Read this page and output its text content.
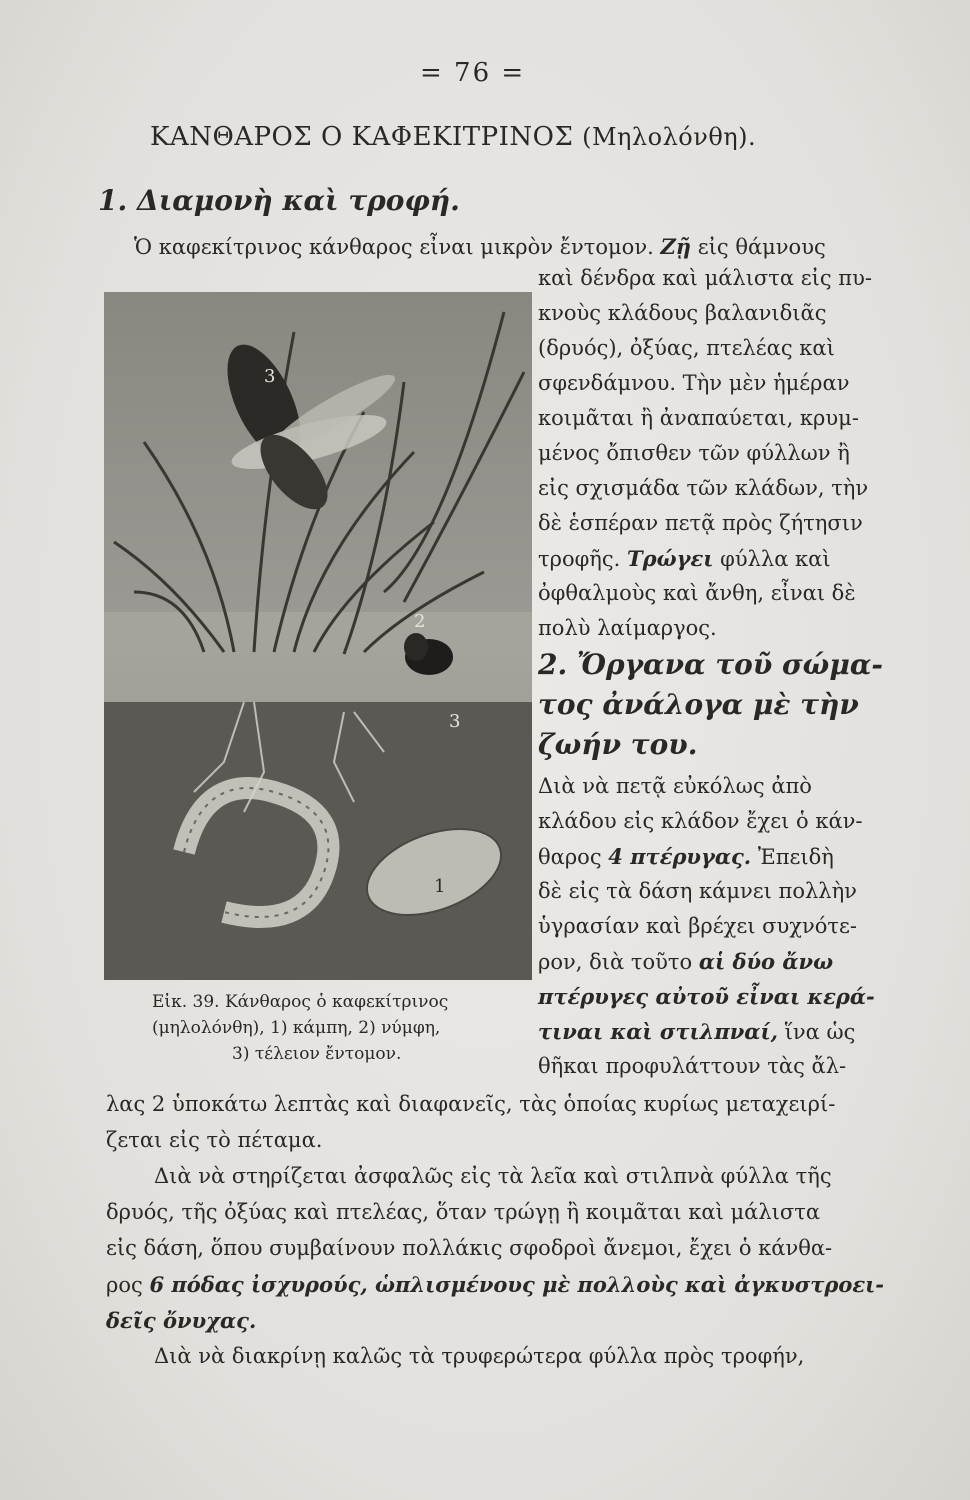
= 76 =
ΚΑΝΘΑΡΟΣ Ο ΚΑΦΕΚΙΤΡΙΝΟΣ (Μηλολόνθη).
1. Διαμονὴ καὶ τροφή.
Ὁ καφεκίτρινος κάνθαρος εἶναι μικρὸν ἔντομον. Ζῇ εἰς θάμνους
3
2
3
1
καὶ δένδρα καὶ μάλιστα εἰς πυ-
κνοὺς κλάδους βαλανιδιᾶς
(δρυός), ὀξύας, πτελέας καὶ
σφενδάμνου. Τὴν μὲν ἡμέραν
κοιμᾶται ἢ ἀναπαύεται, κρυμ-
μένος ὄπισθεν τῶν φύλλων ἢ
εἰς σχισμάδα τῶν κλάδων, τὴν
δὲ ἑσπέραν πετᾷ πρὸς ζήτησιν
τροφῆς. Τρώγει φύλλα καὶ
ὀφθαλμοὺς καὶ ἄνθη, εἶναι δὲ
πολὺ λαίμαργος.
2. Ὄργανα τοῦ σώμα-
τος ἀνάλογα μὲ τὴν
ζωήν του.
Διὰ νὰ πετᾷ εὐκόλως ἀπὸ
κλάδου εἰς κλάδον ἔχει ὁ κάν-
θαρος 4 πτέρυγας. Ἐπειδὴ
δὲ εἰς τὰ δάση κάμνει πολλὴν
ὑγρασίαν καὶ βρέχει συχνότε-
ρον, διὰ τοῦτο αἱ δύο ἄνω
πτέρυγες αὐτοῦ εἶναι κερά-
τιναι καὶ στιλπναί, ἵνα ὡς
θῆκαι προφυλάττουν τὰς ἄλ-
Εἰκ. 39. Κάνθαρος ὁ καφεκίτρινος
(μηλολόνθη), 1) κάμπη, 2) νύμφη,
3) τέλειον ἔντομον.
λας 2 ὑποκάτω λεπτὰς καὶ διαφανεῖς, τὰς ὁποίας κυρίως μεταχειρί-
ζεται εἰς τὸ πέταμα.
Διὰ νὰ στηρίζεται ἀσφαλῶς εἰς τὰ λεῖα καὶ στιλπνὰ φύλλα τῆς
δρυός, τῆς ὀξύας καὶ πτελέας, ὅταν τρώγῃ ἢ κοιμᾶται καὶ μάλιστα
εἰς δάση, ὅπου συμβαίνουν πολλάκις σφοδροὶ ἄνεμοι, ἔχει ὁ κάνθα-
ρος 6 πόδας ἰσχυρούς, ὡπλισμένους μὲ πολλοὺς καὶ ἀγκυστροει-
δεῖς ὄνυχας.
Διὰ νὰ διακρίνῃ καλῶς τὰ τρυφερώτερα φύλλα πρὸς τροφήν,
